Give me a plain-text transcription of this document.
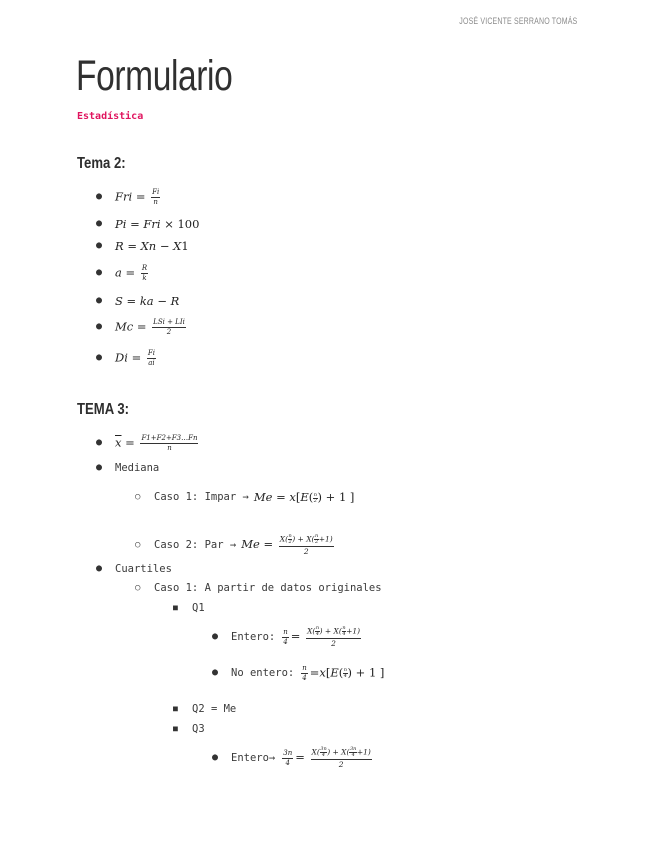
JOSÉ VICENTE SERRANO TOMÁS
Formulario
Estadística
Tema 2:
● Fri = $\frac{Fi}{n}$
● Pi = Fri × 100
● R = Xn − X1
● $a = \frac{R}{k}$
● S = ka − R
● $Mc = \frac{\text{LSi + LIi}}{2}$
● $Di = \frac{Fi}{ai}$
TEMA 3:
● $\overline{x} = \frac{F1+F2+F3\dots Fn}{n}$
● Mediana
○ Caso 1: Impar → $Me = x[E( \frac{n}{2}$ ) + 1 ]
○ Caso 2: Par → $Me = \frac{X( \frac{n}{2} ) + X( \frac{n}{2} +1)}{2}$
● Cuartiles
○ Caso 1: A partir de datos originales
■ Q1
● Entero: $\frac{n}{4} = \frac{X( \frac{n}{4} ) + X( \frac{n}{4} +1)}{2}$
● No entero: $\frac{n}{4} =x[E( \frac{n}{4}$ ) + 1 ]
■ Q2 = Me
■ Q3
● Entero→ $\frac{3n}{4} = \frac{X( \frac{3n}{4} ) + X( \frac{3n}{4} +1)}{2}$
